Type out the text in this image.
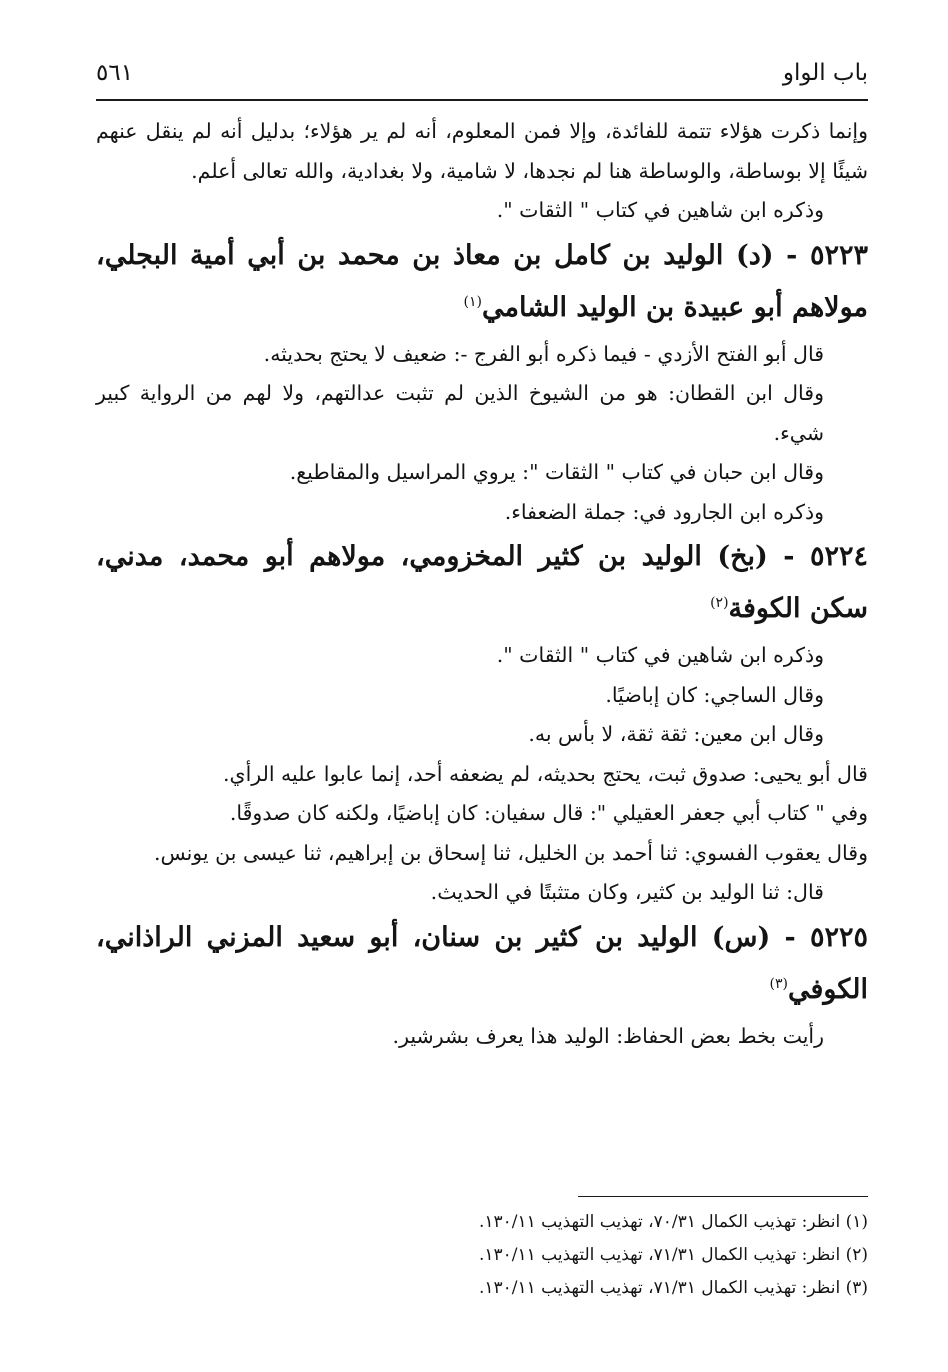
باب الواو
٥٦١

وإنما ذكرت هؤلاء تتمة للفائدة، وإلا فمن المعلوم، أنه لم ير هؤلاء؛ بدليل أنه لم ينقل عنهم شيئًا إلا بوساطة، والوساطة هنا لم نجدها، لا شامية، ولا بغدادية، والله تعالى أعلم.

وذكره ابن شاهين في كتاب " الثقات ".

٥٢٢٣ - (د) الوليد بن كامل بن معاذ بن محمد بن أبي أمية البجلي، مولاهم أبو عبيدة بن الوليد الشامي$^{(١)}$

قال أبو الفتح الأزدي - فيما ذكره أبو الفرج -: ضعيف لا يحتج بحديثه.

وقال ابن القطان: هو من الشيوخ الذين لم تثبت عدالتهم، ولا لهم من الرواية كبير شيء.

وقال ابن حبان في كتاب " الثقات ": يروي المراسيل والمقاطيع.

وذكره ابن الجارود في: جملة الضعفاء.

٥٢٢٤ - (بخ) الوليد بن كثير المخزومي، مولاهم أبو محمد، مدني، سكن الكوفة$^{(٢)}$

وذكره ابن شاهين في كتاب " الثقات ".

وقال الساجي: كان إباضيًا.

وقال ابن معين: ثقة ثقة، لا بأس به.

قال أبو يحيى: صدوق ثبت، يحتج بحديثه، لم يضعفه أحد، إنما عابوا عليه الرأي.

وفي " كتاب أبي جعفر العقيلي ": قال سفيان: كان إباضيًا، ولكنه كان صدوقًا.

وقال يعقوب الفسوي: ثنا أحمد بن الخليل، ثنا إسحاق بن إبراهيم، ثنا عيسى بن يونس.

قال: ثنا الوليد بن كثير، وكان متثبتًا في الحديث.

٥٢٢٥ - (س) الوليد بن كثير بن سنان، أبو سعيد المزني الراذاني، الكوفي$^{(٣)}$

رأيت بخط بعض الحفاظ: الوليد هذا يعرف بشرشير.

(١) انظر: تهذيب الكمال ٧٠/٣١، تهذيب التهذيب ١٣٠/١١.

(٢) انظر: تهذيب الكمال ٧١/٣١، تهذيب التهذيب ١٣٠/١١.

(٣) انظر: تهذيب الكمال ٧١/٣١، تهذيب التهذيب ١٣٠/١١.
